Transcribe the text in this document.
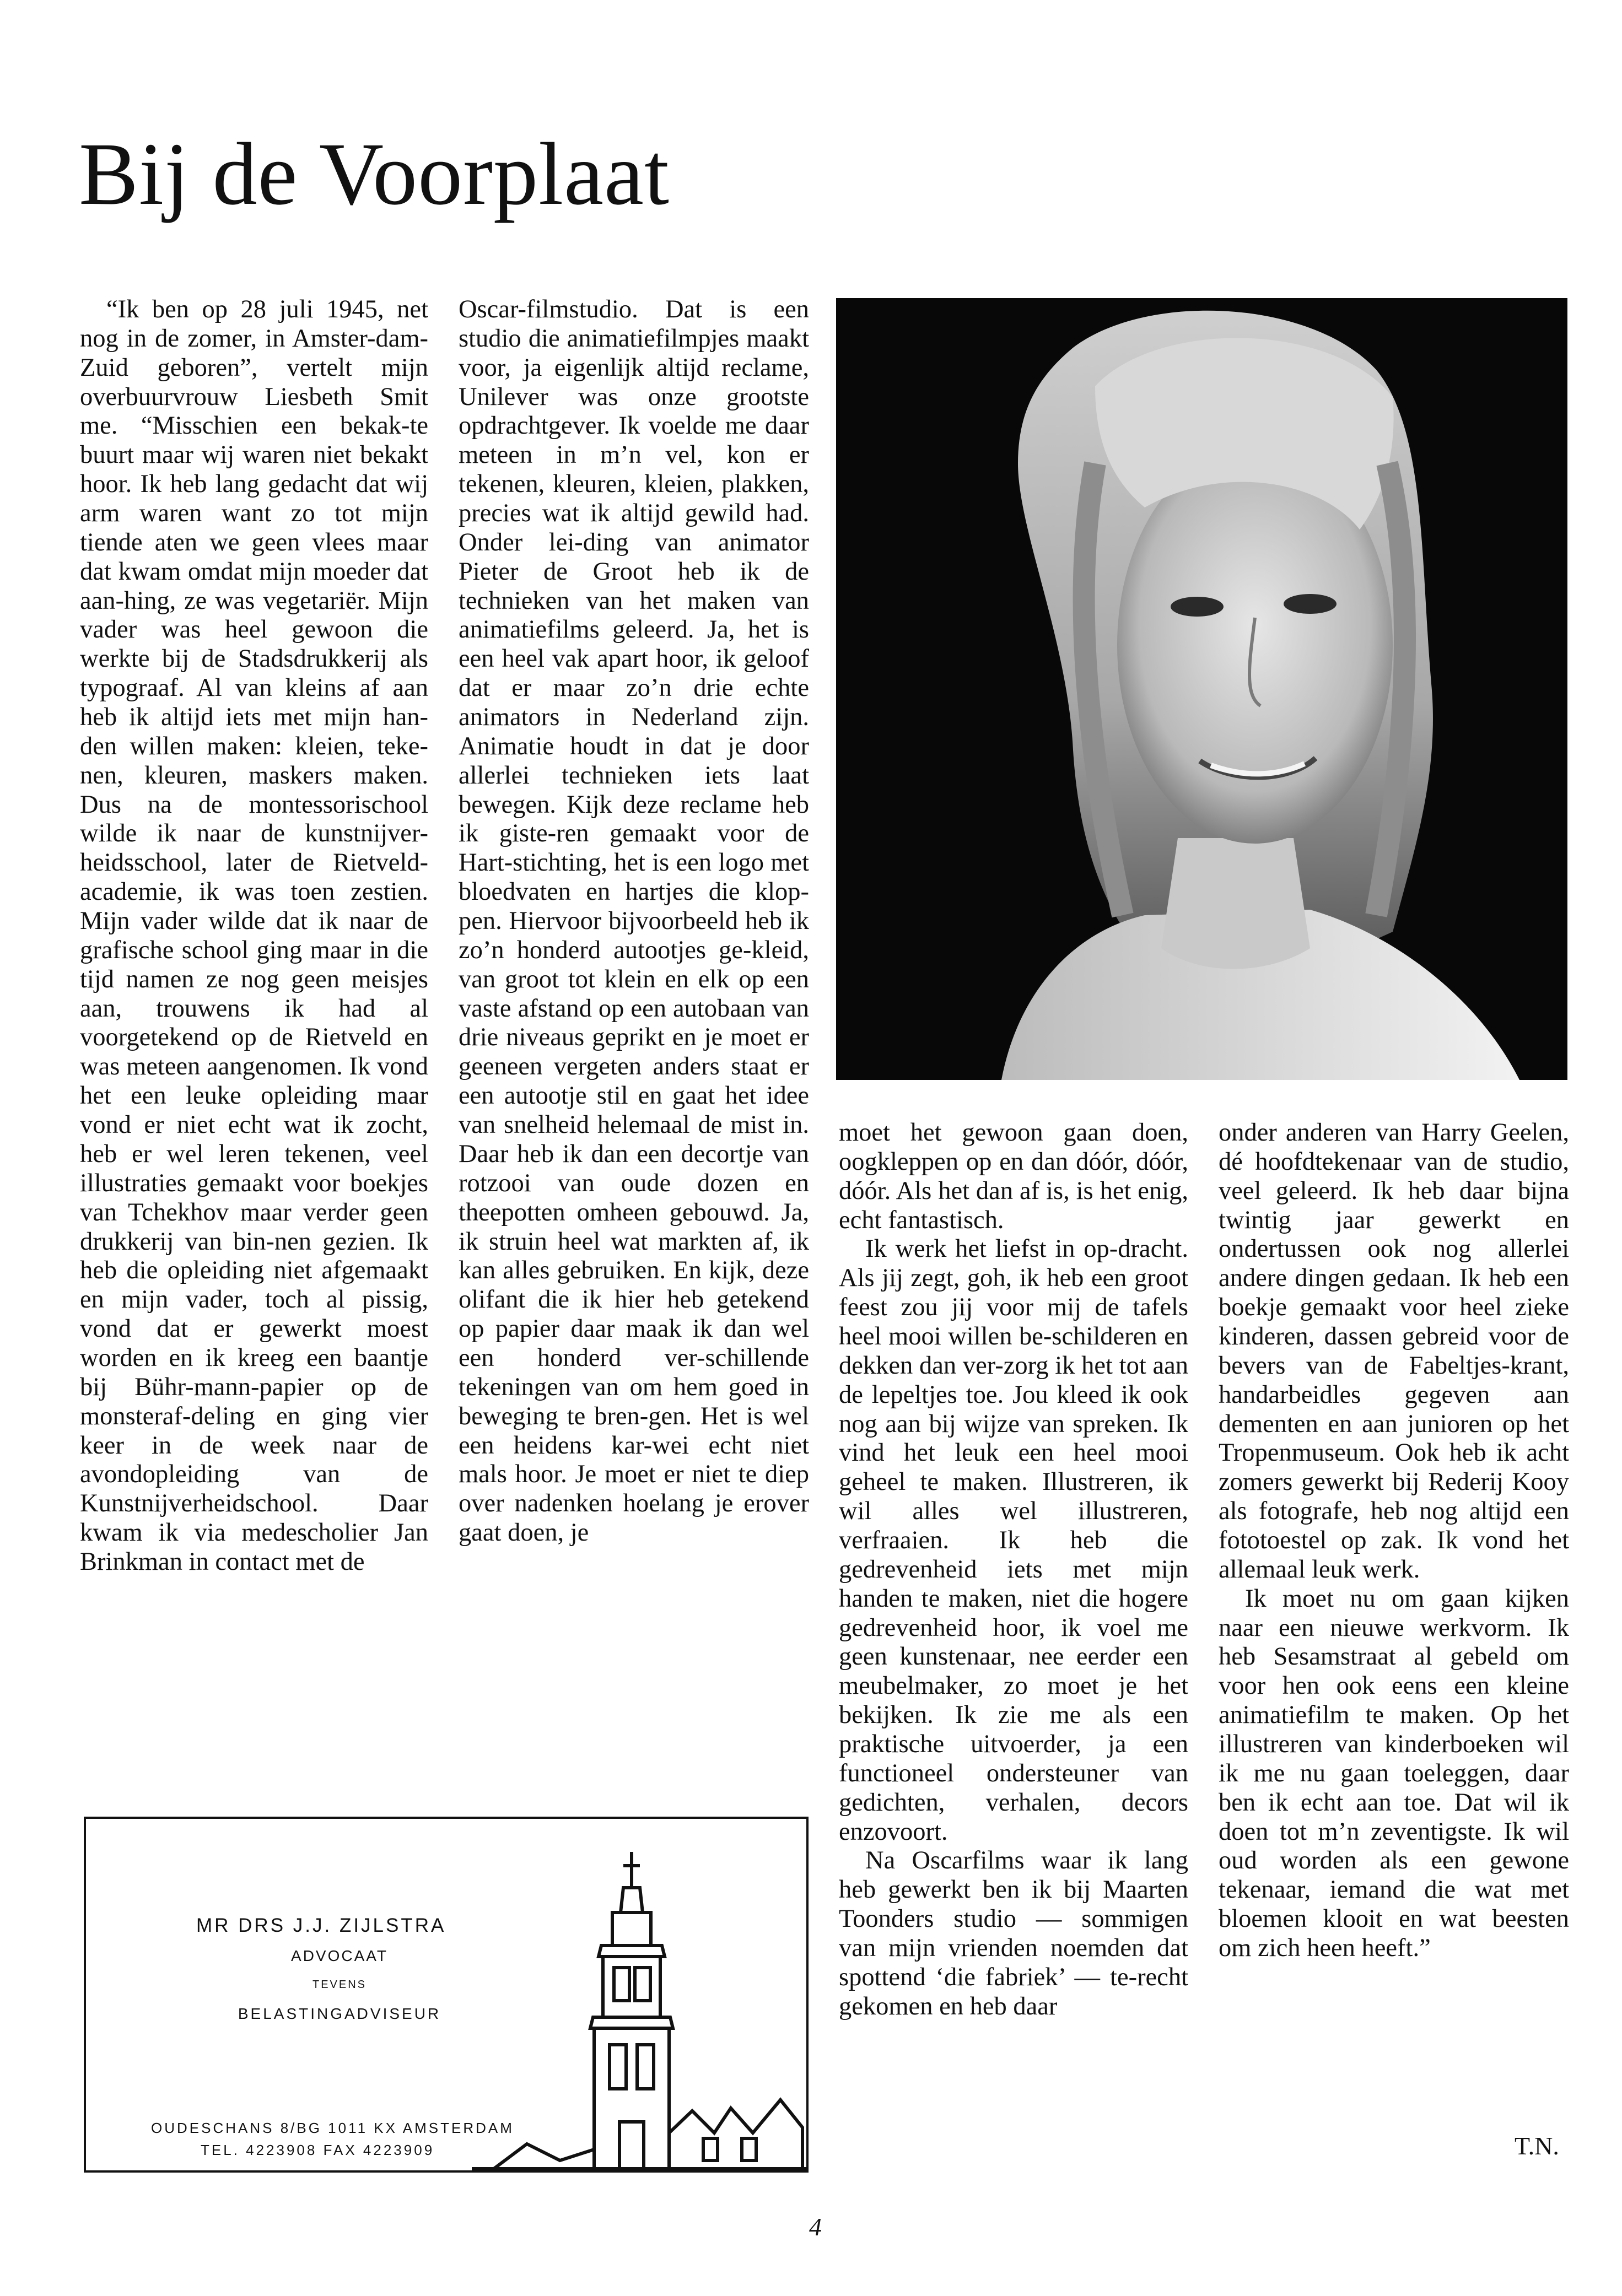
Bij de Voorplaat

“Ik ben op 28 juli 1945, net nog in de zomer, in Amster-dam-Zuid geboren”, vertelt mijn overbuurvrouw Liesbeth Smit me. “Misschien een bekak-te buurt maar wij waren niet bekakt hoor. Ik heb lang gedacht dat wij arm waren want zo tot mijn tiende aten we geen vlees maar dat kwam omdat mijn moeder dat aan-hing, ze was vegetariër. Mijn vader was heel gewoon die werkte bij de Stadsdrukkerij als typograaf. Al van kleins af aan heb ik altijd iets met mijn han-den willen maken: kleien, teke-nen, kleuren, maskers maken. Dus na de montessorischool wilde ik naar de kunstnijver-heidsschool, later de Rietveld-academie, ik was toen zestien. Mijn vader wilde dat ik naar de grafische school ging maar in die tijd namen ze nog geen meisjes aan, trouwens ik had al voorgetekend op de Rietveld en was meteen aangenomen. Ik vond het een leuke opleiding maar vond er niet echt wat ik zocht, heb er wel leren tekenen, veel illustraties gemaakt voor boekjes van Tchekhov maar verder geen drukkerij van bin-nen gezien. Ik heb die opleiding niet afgemaakt en mijn vader, toch al pissig, vond dat er gewerkt moest worden en ik kreeg een baantje bij Bühr-mann-papier op de monsteraf-deling en ging vier keer in de week naar de avondopleiding van de Kunstnijverheidschool. Daar kwam ik via medescholier Jan Brinkman in contact met de

Oscar-filmstudio. Dat is een studio die animatiefilmpjes maakt voor, ja eigenlijk altijd reclame, Unilever was onze grootste opdrachtgever. Ik voelde me daar meteen in m’n vel, kon er tekenen, kleuren, kleien, plakken, precies wat ik altijd gewild had. Onder lei-ding van animator Pieter de Groot heb ik de technieken van het maken van animatiefilms geleerd. Ja, het is een heel vak apart hoor, ik geloof dat er maar zo’n drie echte animators in Nederland zijn. Animatie houdt in dat je door allerlei technieken iets laat bewegen. Kijk deze reclame heb ik giste-ren gemaakt voor de Hart-stichting, het is een logo met bloedvaten en hartjes die klop-pen. Hiervoor bijvoorbeeld heb ik zo’n honderd autootjes ge-kleid, van groot tot klein en elk op een vaste afstand op een autobaan van drie niveaus geprikt en je moet er geeneen vergeten anders staat er een autootje stil en gaat het idee van snelheid helemaal de mist in. Daar heb ik dan een decortje van rotzooi van oude dozen en theepotten omheen gebouwd. Ja, ik struin heel wat markten af, ik kan alles gebruiken. En kijk, deze olifant die ik hier heb getekend op papier daar maak ik dan wel een honderd ver-schillende tekeningen van om hem goed in beweging te bren-gen. Het is wel een heidens kar-wei echt niet mals hoor. Je moet er niet te diep over nadenken hoelang je erover gaat doen, je

moet het gewoon gaan doen, oogkleppen op en dan dóór, dóór, dóór. Als het dan af is, is het enig, echt fantastisch.

Ik werk het liefst in op-dracht. Als jij zegt, goh, ik heb een groot feest zou jij voor mij de tafels heel mooi willen be-schilderen en dekken dan ver-zorg ik het tot aan de lepeltjes toe. Jou kleed ik ook nog aan bij wijze van spreken. Ik vind het leuk een heel mooi geheel te maken. Illustreren, ik wil alles wel illustreren, verfraaien. Ik heb die gedrevenheid iets met mijn handen te maken, niet die hogere gedrevenheid hoor, ik voel me geen kunstenaar, nee eerder een meubelmaker, zo moet je het bekijken. Ik zie me als een praktische uitvoerder, ja een functioneel ondersteuner van gedichten, verhalen, decors enzovoort.

Na Oscarfilms waar ik lang heb gewerkt ben ik bij Maarten Toonders studio — sommigen van mijn vrienden noemden dat spottend ‘die fabriek’ — te-recht gekomen en heb daar

onder anderen van Harry Geelen, dé hoofdtekenaar van de studio, veel geleerd. Ik heb daar bijna twintig jaar gewerkt en ondertussen ook nog allerlei andere dingen gedaan. Ik heb een boekje gemaakt voor heel zieke kinderen, dassen gebreid voor de bevers van de Fabeltjes-krant, handarbeidles gegeven aan dementen en aan junioren op het Tropenmuseum. Ook heb ik acht zomers gewerkt bij Rederij Kooy als fotografe, heb nog altijd een fototoestel op zak. Ik vond het allemaal leuk werk.

Ik moet nu om gaan kijken naar een nieuwe werkvorm. Ik heb Sesamstraat al gebeld om voor hen ook eens een kleine animatiefilm te maken. Op het illustreren van kinderboeken wil ik me nu gaan toeleggen, daar ben ik echt aan toe. Dat wil ik doen tot m’n zeventigste. Ik wil oud worden als een gewone tekenaar, iemand die wat met bloemen klooit en wat beesten om zich heen heeft.”

MR DRS J.J. ZIJLSTRA
ADVOCAAT
TEVENS
BELASTINGADVISEUR
OUDESCHANS 8/BG 1011 KX AMSTERDAM
TEL. 4223908 FAX 4223909	T.N.
4
